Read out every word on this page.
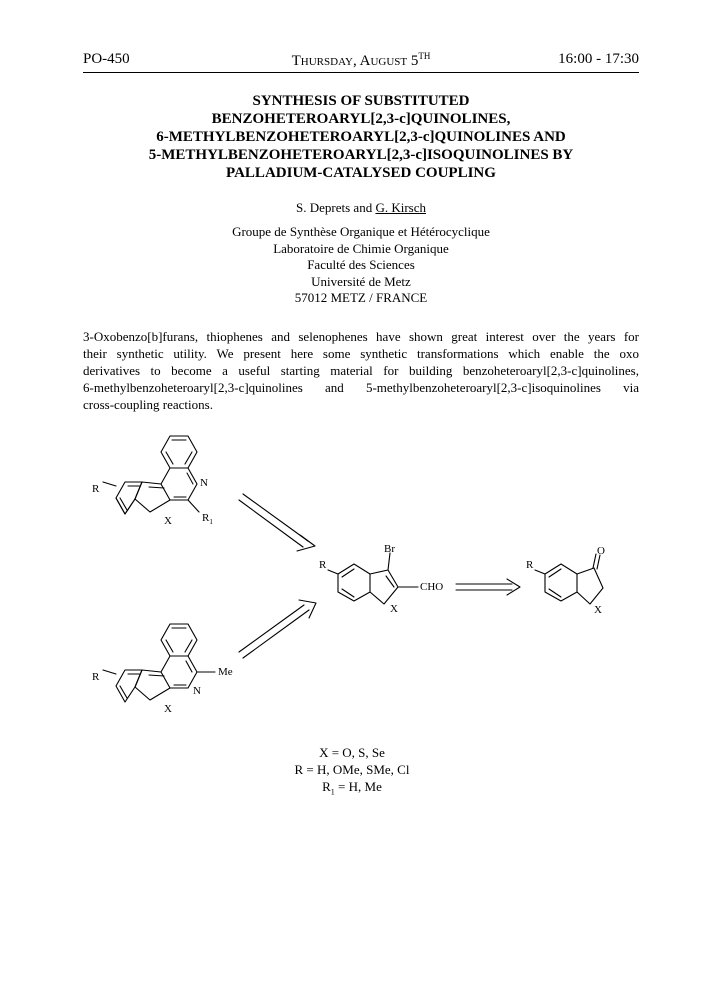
PO-450	Thursday, August 5TH	16:00 - 17:30
SYNTHESIS OF SUBSTITUTED
BENZOHETEROARYL[2,3-c]QUINOLINES,
6-METHYLBENZOHETEROARYL[2,3-c]QUINOLINES AND
5-METHYLBENZOHETEROARYL[2,3-c]ISOQUINOLINES BY
PALLADIUM-CATALYSED COUPLING
S. Deprets and G. Kirsch
Groupe de Synthèse Organique et Hétérocyclique
Laboratoire de Chimie Organique
Faculté des Sciences
Université de Metz
57012 METZ / FRANCE
3-Oxobenzo[b]furans, thiophenes and selenophenes have shown great interest over the years for
their synthetic utility. We present here some synthetic transformations which enable the oxo
derivatives to become a useful starting material for building benzoheteroaryl[2,3-c]quinolines,
6-methylbenzoheteroaryl[2,3-c]quinolines and 5-methylbenzoheteroaryl[2,3-c]isoquinolines via
cross-coupling reactions.
R	N
X	$R_1$
R
N
X
Me
Br
R
X
CHO
O
R
X
X = O, S, Se
R = H, OMe, SMe, Cl
$R_1 = H$, Me
